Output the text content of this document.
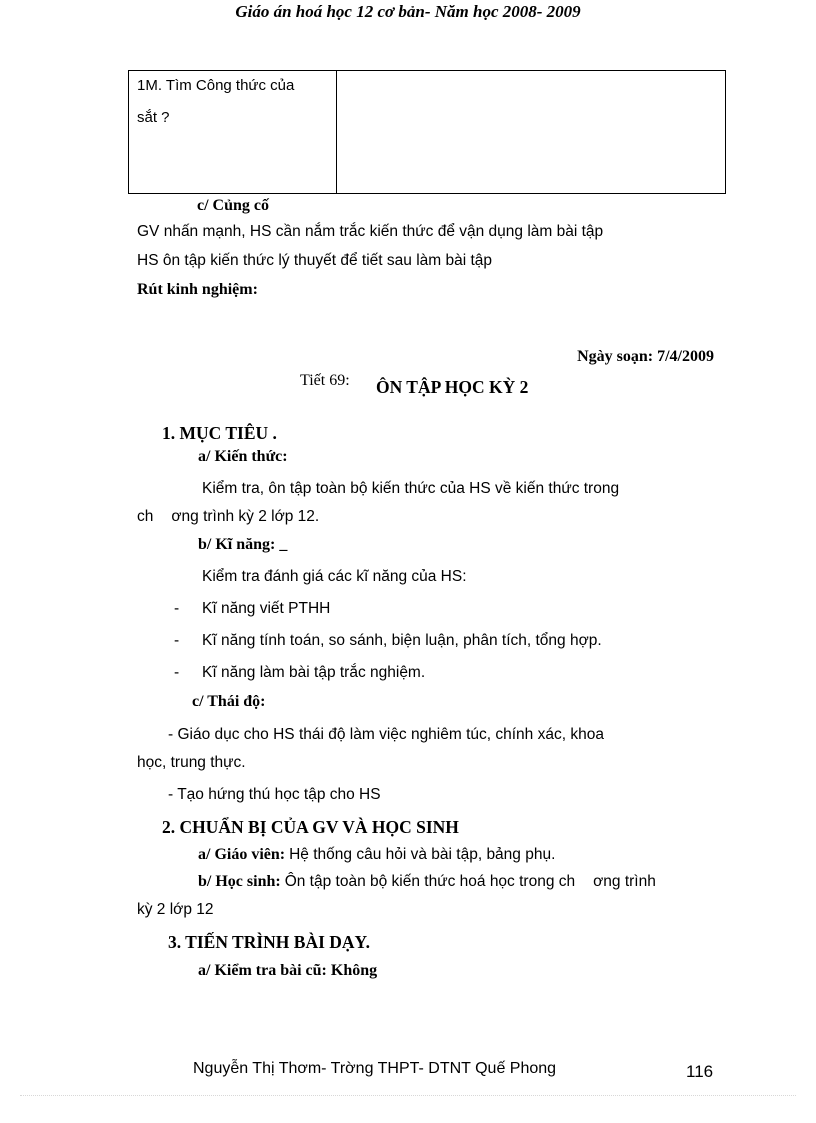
Giáo án hoá học 12 cơ bản- Năm học 2008- 2009
1M. Tìm Công thức của
sắt ?
c/ Củng cố
GV nhấn mạnh, HS cần nắm trắc kiến thức để vận dụng làm bài tập
HS ôn tập kiến thức lý thuyết để tiết sau làm bài tập
Rút kinh nghiệm:
Ngày soạn: 7/4/2009
Tiết 69: ÔN TẬP HỌC KỲ 2
1. MỤC TIÊU .
a/ Kiến thức:
Kiểm tra, ôn tập toàn bộ kiến thức của HS về kiến thức trong
ch ơng trình kỳ 2 lớp 12.
b/ Kĩ năng: _
Kiểm tra đánh giá các kĩ năng của HS:
- Kĩ năng viết PTHH
- Kĩ năng tính toán, so sánh, biện luận, phân tích, tổng hợp.
- Kĩ năng làm bài tập trắc nghiệm.
c/ Thái độ:
- Giáo dục cho HS thái độ làm việc nghiêm túc, chính xác, khoa
học, trung thực.
- Tạo hứng thú học tập cho HS
2. CHUẨN BỊ CỦA GV VÀ HỌC SINH
a/ Giáo viên: Hệ thống câu hỏi và bài tập, bảng phụ.
b/ Học sinh: Ôn tập toàn bộ kiến thức hoá học trong ch ơng trình
kỳ 2 lớp 12
3. TIẾN TRÌNH BÀI DẠY.
a/ Kiểm tra bài cũ: Không
Nguyễn Thị Thơm- Trờng THPT- DTNT Quế Phong	116
